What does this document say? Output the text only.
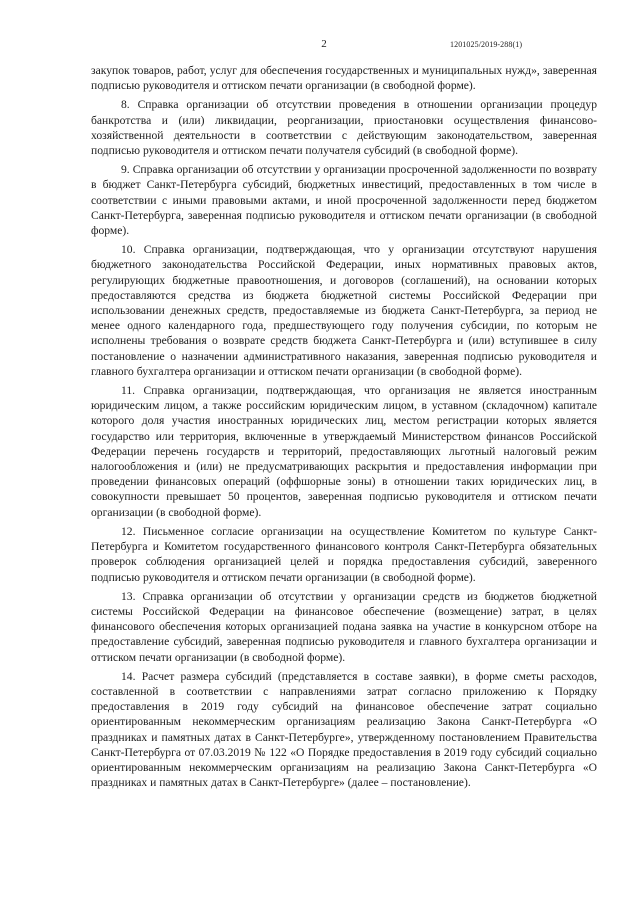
2	1201025/2019-288(1)

закупок товаров, работ, услуг для обеспечения государственных и муниципальных нужд», заверенная подписью руководителя и оттиском печати организации (в свободной форме).

8. Справка организации об отсутствии проведения в отношении организации процедур банкротства и (или) ликвидации, реорганизации, приостановки осуществления финансово-хозяйственной деятельности в соответствии с действующим законодательством, заверенная подписью руководителя и оттиском печати получателя субсидий (в свободной форме).

9. Справка организации об отсутствии у организации просроченной задолженности по возврату в бюджет Санкт-Петербурга субсидий, бюджетных инвестиций, предоставленных в том числе в соответствии с иными правовыми актами, и иной просроченной задолженности перед бюджетом Санкт-Петербурга, заверенная подписью руководителя и оттиском печати организации (в свободной форме).

10. Справка организации, подтверждающая, что у организации отсутствуют нарушения бюджетного законодательства Российской Федерации, иных нормативных правовых актов, регулирующих бюджетные правоотношения, и договоров (соглашений), на основании которых предоставляются средства из бюджета бюджетной системы Российской Федерации при использовании денежных средств, предоставляемые из бюджета Санкт-Петербурга, за период не менее одного календарного года, предшествующего году получения субсидии, по которым не исполнены требования о возврате средств бюджета Санкт-Петербурга и (или) вступившее в силу постановление о назначении административного наказания, заверенная подписью руководителя и главного бухгалтера организации и оттиском печати организации (в свободной форме).

11. Справка организации, подтверждающая, что организация не является иностранным юридическим лицом, а также российским юридическим лицом, в уставном (складочном) капитале которого доля участия иностранных юридических лиц, местом регистрации которых является государство или территория, включенные в утверждаемый Министерством финансов Российской Федерации перечень государств и территорий, предоставляющих льготный налоговый режим налогообложения и (или) не предусматривающих раскрытия и предоставления информации при проведении финансовых операций (оффшорные зоны) в отношении таких юридических лиц, в совокупности превышает 50 процентов, заверенная подписью руководителя и оттиском печати организации (в свободной форме).

12. Письменное согласие организации на осуществление Комитетом по культуре Санкт-Петербурга и Комитетом государственного финансового контроля Санкт-Петербурга обязательных проверок соблюдения организацией целей и порядка предоставления субсидий, заверенного подписью руководителя и оттиском печати организации (в свободной форме).

13. Справка организации об отсутствии у организации средств из бюджетов бюджетной системы Российской Федерации на финансовое обеспечение (возмещение) затрат, в целях финансового обеспечения которых организацией подана заявка на участие в конкурсном отборе на предоставление субсидий, заверенная подписью руководителя и главного бухгалтера организации и оттиском печати организации (в свободной форме).

14. Расчет размера субсидий (представляется в составе заявки), в форме сметы расходов, составленной в соответствии с направлениями затрат согласно приложению к Порядку предоставления в 2019 году субсидий на финансовое обеспечение затрат социально ориентированным некоммерческим организациям реализацию Закона Санкт-Петербурга «О праздниках и памятных датах в Санкт-Петербурге», утвержденному постановлением Правительства Санкт-Петербурга от 07.03.2019 № 122 «О Порядке предоставления в 2019 году субсидий социально ориентированным некоммерческим организациям на реализацию Закона Санкт-Петербурга «О праздниках и памятных датах в Санкт-Петербурге» (далее – постановление).
